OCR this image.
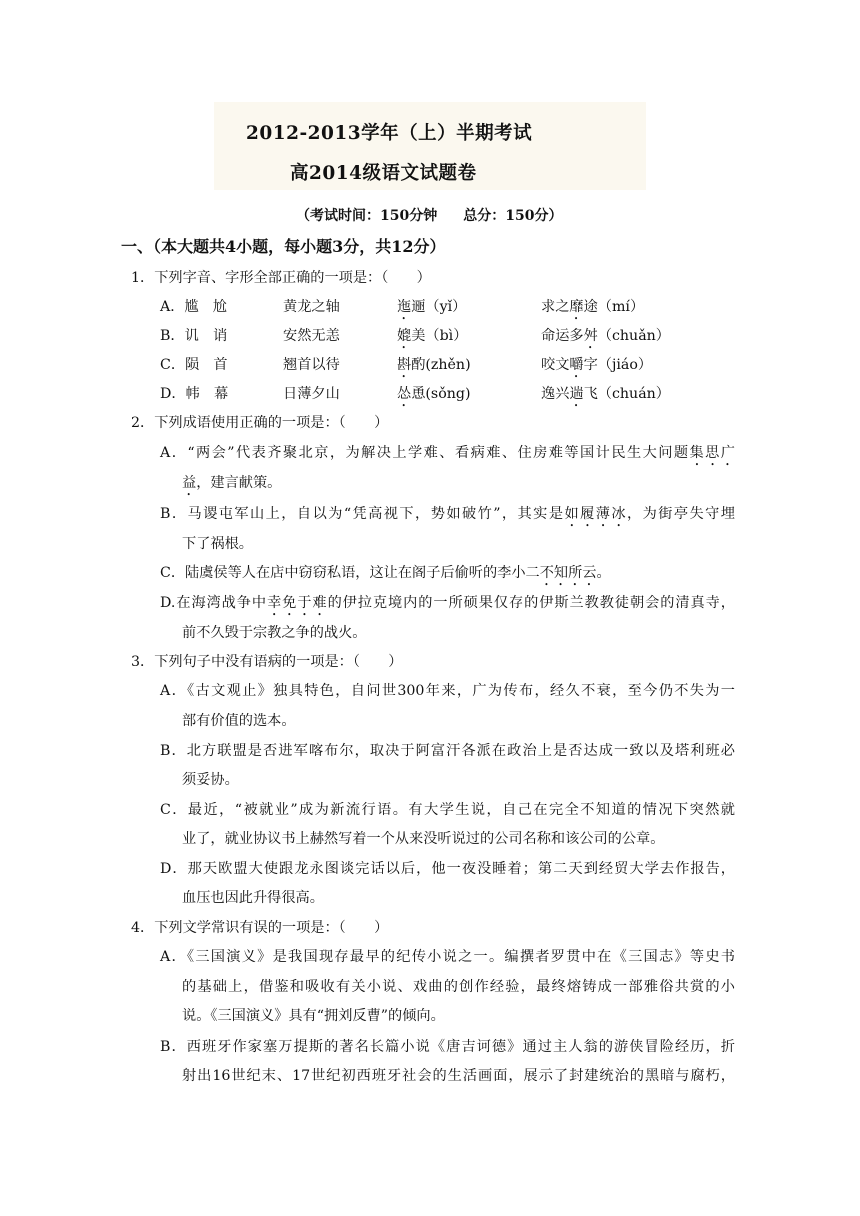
2012-2013学年（上）半期考试
高2014级语文试题卷
（考试时间：150分钟 总分：150分）
一、（本大题共4小题，每小题3分，共12分）
1．下列字音、字形全部正确的一项是：（　　）
A．尴　尬	黄龙之轴	迤逦（yǐ）	求之靡途（mí）
B．讥　诮	安然无恙	媲美（bì）	命运多舛（chuǎn）
C．陨　首	翘首以待	斟酌(zhěn)	咬文嚼字（jiáo）
D．帏　幕	日薄夕山	怂恿(sǒng)	逸兴遄飞（chuán）
2．下列成语使用正确的一项是：（　　）
A．“两会”代表齐聚北京，为解决上学难、看病难、住房难等国计民生大问题集思广
益，建言献策。
B．马谡屯军山上，自以为“凭高视下，势如破竹”，其实是如履薄冰，为街亭失守埋
下了祸根。
C．陆虞侯等人在店中窃窃私语，这让在阁子后偷听的李小二不知所云。
D.在海湾战争中幸免于难的伊拉克境内的一所硕果仅存的伊斯兰教教徒朝会的清真寺，
前不久毁于宗教之争的战火。
3．下列句子中没有语病的一项是：（　　）
A．《古文观止》独具特色，自问世300年来，广为传布，经久不衰，至今仍不失为一
部有价值的选本。
B．北方联盟是否进军喀布尔，取决于阿富汗各派在政治上是否达成一致以及塔利班必
须妥协。
C．最近，“被就业”成为新流行语。有大学生说，自己在完全不知道的情况下突然就
业了，就业协议书上赫然写着一个从来没听说过的公司名称和该公司的公章。
D．那天欧盟大使跟龙永图谈完话以后，他一夜没睡着；第二天到经贸大学去作报告，
血压也因此升得很高。
4．下列文学常识有误的一项是：（　　）
A．《三国演义》是我国现存最早的纪传小说之一。编撰者罗贯中在《三国志》等史书
的基础上，借鉴和吸收有关小说、戏曲的创作经验，最终熔铸成一部雅俗共赏的小
说。《三国演义》具有“拥刘反曹”的倾向。
B．西班牙作家塞万提斯的著名长篇小说《唐吉诃德》通过主人翁的游侠冒险经历，折
射出16世纪末、17世纪初西班牙社会的生活画面，展示了封建统治的黑暗与腐朽，
